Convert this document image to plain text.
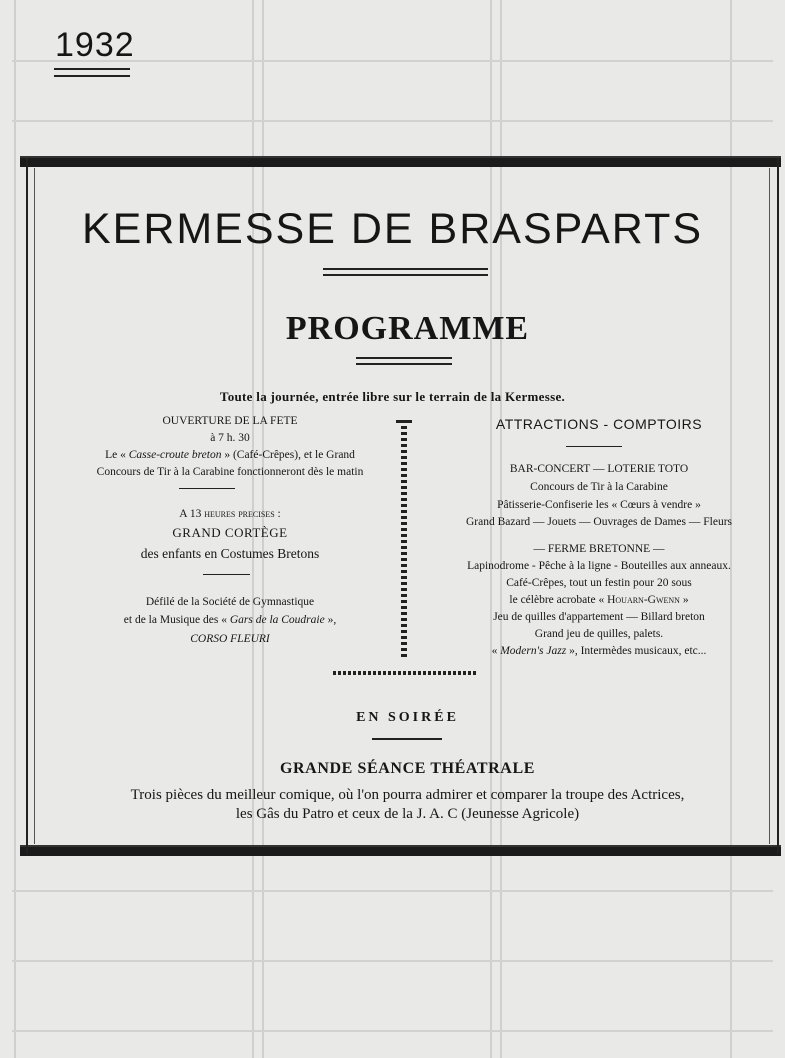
1932
KERMESSE DE BRASPARTS
PROGRAMME
Toute la journée, entrée libre sur le terrain de la Kermesse.
OUVERTURE DE LA FETE
à 7 h. 30
Le « Casse-croute breton » (Café-Crêpes), et le Grand
Concours de Tir à la Carabine fonctionneront dès le matin
A 13 heures precises :
GRAND CORTÈGE
des enfants en Costumes Bretons
Défilé de la Société de Gymnastique
et de la Musique des « Gars de la Coudraie »,
CORSO FLEURI
ATTRACTIONS - COMPTOIRS
BAR-CONCERT — LOTERIE TOTO
Concours de Tir à la Carabine
Pâtisserie-Confiserie les « Cœurs à vendre »
Grand Bazard — Jouets — Ouvrages de Dames — Fleurs
— FERME BRETONNE —
Lapinodrome - Pêche à la ligne - Bouteilles aux anneaux.
Café-Crêpes, tout un festin pour 20 sous
le célèbre acrobate « Houarn-Gwenn »
Jeu de quilles d'appartement — Billard breton
Grand jeu de quilles, palets.
« Modern's Jazz », Intermèdes musicaux, etc...
EN SOIRÉE
GRANDE SÉANCE THÉATRALE
Trois pièces du meilleur comique, où l'on pourra admirer et comparer la troupe des Actrices,
les Gâs du Patro et ceux de la J. A. C (Jeunesse Agricole)
